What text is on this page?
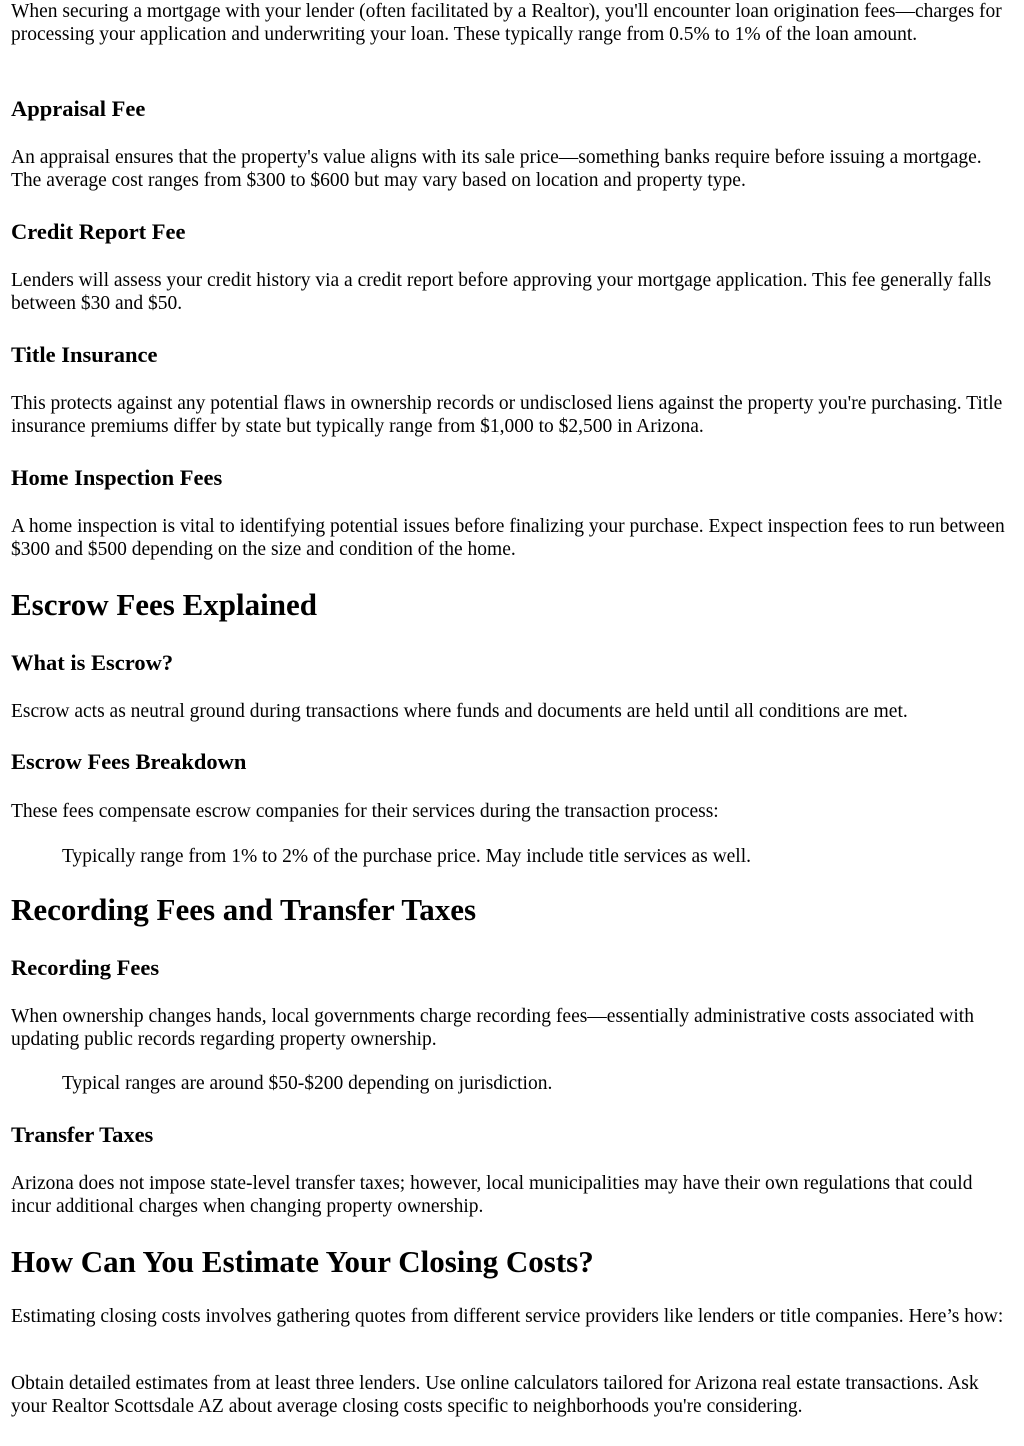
When securing a mortgage with your lender (often facilitated by a Realtor), you'll encounter loan origination fees—charges for processing your application and underwriting your loan. These typically range from 0.5% to 1% of the loan amount.

Appraisal Fee

An appraisal ensures that the property's value aligns with its sale price—something banks require before issuing a mortgage. The average cost ranges from $300 to $600 but may vary based on location and property type.

Credit Report Fee

Lenders will assess your credit history via a credit report before approving your mortgage application. This fee generally falls between $30 and $50.

Title Insurance

This protects against any potential flaws in ownership records or undisclosed liens against the property you're purchasing. Title insurance premiums differ by state but typically range from $1,000 to $2,500 in Arizona.

Home Inspection Fees

A home inspection is vital to identifying potential issues before finalizing your purchase. Expect inspection fees to run between $300 and $500 depending on the size and condition of the home.

Escrow Fees Explained
What is Escrow?

Escrow acts as neutral ground during transactions where funds and documents are held until all conditions are met.

Escrow Fees Breakdown

These fees compensate escrow companies for their services during the transaction process:

Typically range from 1% to 2% of the purchase price. May include title services as well.
Recording Fees and Transfer Taxes
Recording Fees

When ownership changes hands, local governments charge recording fees—essentially administrative costs associated with updating public records regarding property ownership.

Typical ranges are around $50-$200 depending on jurisdiction.
Transfer Taxes

Arizona does not impose state-level transfer taxes; however, local municipalities may have their own regulations that could incur additional charges when changing property ownership.

How Can You Estimate Your Closing Costs?

Estimating closing costs involves gathering quotes from different service providers like lenders or title companies. Here’s how:

Obtain detailed estimates from at least three lenders. Use online calculators tailored for Arizona real estate transactions. Ask your Realtor Scottsdale AZ about average closing costs specific to neighborhoods you're considering.
